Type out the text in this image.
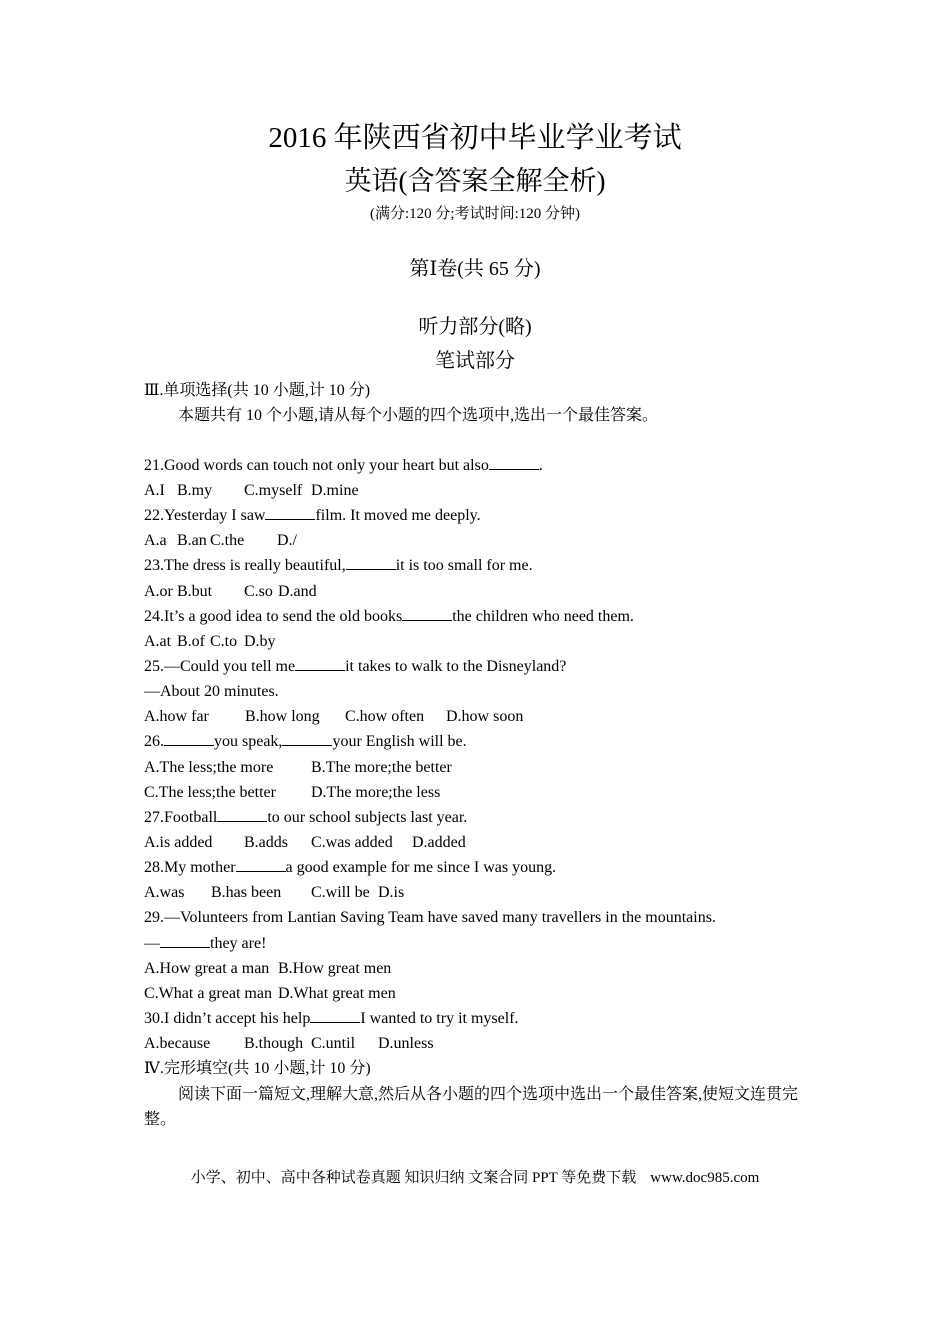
2016 年陕西省初中毕业学业考试
英语(含答案全解全析)
(满分:120 分;考试时间:120 分钟)
第Ⅰ卷(共 65 分)
听力部分(略)
笔试部分
Ⅲ.单项选择(共 10 小题,计 10 分)
本题共有 10 个小题,请从每个小题的四个选项中,选出一个最佳答案。
21.Good words can touch not only your heart but also	.
A.I B.my C.myself D.mine
22.Yesterday I saw	film. It moved me deeply.
A.a B.an C.the D./
23.The dress is really beautiful,	it is too small for me.
A.or B.but C.so D.and
24.It’s a good idea to send the old books	the children who need them.
A.at B.of C.to D.by
25.—Could you tell me	it takes to walk to the Disneyland?
—About 20 minutes.
A.how far B.how long C.how often D.how soon
26.	you speak,	your English will be.
A.The less;the more B.The more;the better
C.The less;the better D.The more;the less
27.Football	to our school subjects last year.
A.is added B.adds C.was added D.added
28.My mother	a good example for me since I was young.
A.was B.has been C.will be D.is
29.—Volunteers from Lantian Saving Team have saved many travellers in the mountains.
—	they are!
A.How great a man B.How great men
C.What a great man D.What great men
30.I didn’t accept his help	I wanted to try it myself.
A.because B.though C.until D.unless
Ⅳ.完形填空(共 10 小题,计 10 分)
阅读下面一篇短文,理解大意,然后从各小题的四个选项中选出一个最佳答案,使短文连贯完整。
小学、初中、高中各种试卷真题 知识归纳 文案合同 PPT 等免费下载 www.doc985.com
